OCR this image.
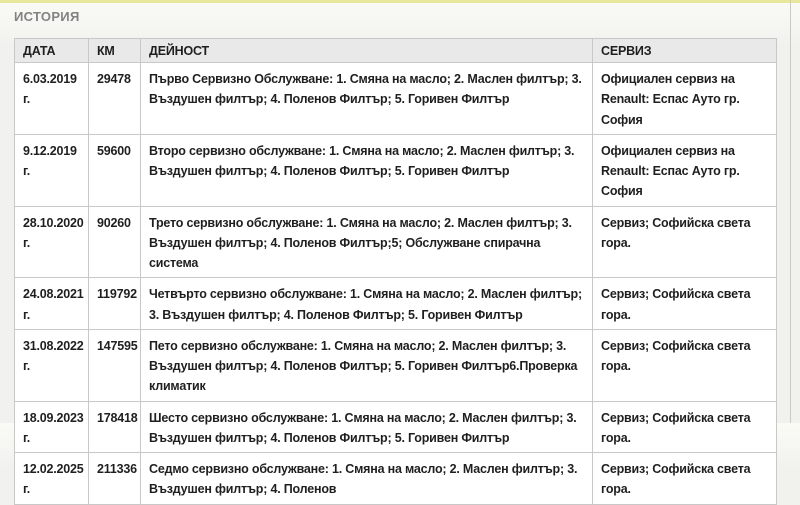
ИСТОРИЯ
ДАТА	КМ	ДЕЙНОСТ	СЕРВИЗ
6.03.2019 г.	29478	Първо Сервизно Обслужване: 1. Смяна на масло; 2. Маслен филтър; 3. Въздушен филтър; 4. Поленов Филтър; 5. Горивен Филтър	Официален сервиз на Renault: Еспас Ауто гр. София
9.12.2019 г.	59600	Второ сервизно обслужване: 1. Смяна на масло; 2. Маслен филтър; 3. Въздушен филтър; 4. Поленов Филтър; 5. Горивен Филтър	Официален сервиз на Renault: Еспас Ауто гр. София
28.10.2020 г.	90260	Трето сервизно обслужване: 1. Смяна на масло; 2. Маслен филтър; 3. Въздушен филтър; 4. Поленов Филтър;5; Обслужване спирачна система	Сервиз; Софийска света гора.
24.08.2021 г.	119792	Четвърто сервизно обслужване: 1. Смяна на масло; 2. Маслен филтър; 3. Въздушен филтър; 4. Поленов Филтър; 5. Горивен Филтър	Сервиз; Софийска света гора.
31.08.2022 г.	147595	Пето сервизно обслужване: 1. Смяна на масло; 2. Маслен филтър; 3. Въздушен филтър; 4. Поленов Филтър; 5. Горивен Филтър6.Проверка климатик	Сервиз; Софийска света гора.
18.09.2023 г.	178418	Шесто сервизно обслужване: 1. Смяна на масло; 2. Маслен филтър; 3. Въздушен филтър; 4. Поленов Филтър; 5. Горивен Филтър	Сервиз; Софийска света гора.
12.02.2025 г.	211336	Седмо сервизно обслужване: 1. Смяна на масло; 2. Маслен филтър; 3. Въздушен филтър; 4. Поленов	Сервиз; Софийска света гора.
